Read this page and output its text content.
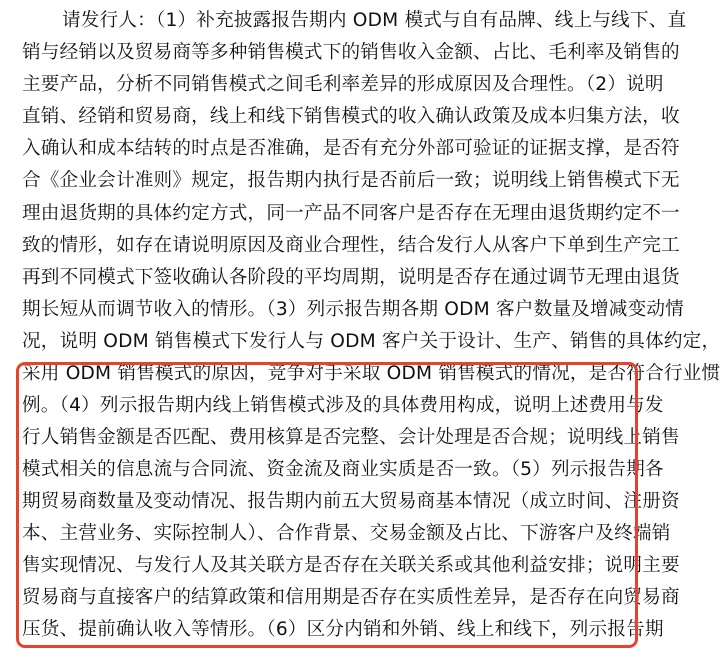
请发行人：（1）补充披露报告期内 ODM 模式与自有品牌、线上与线下、直
销与经销以及贸易商等多种销售模式下的销售收入金额、占比、毛利率及销售的
主要产品，分析不同销售模式之间毛利率差异的形成原因及合理性。（2）说明
直销、经销和贸易商，线上和线下销售模式的收入确认政策及成本归集方法，收
入确认和成本结转的时点是否准确，是否有充分外部可验证的证据支撑，是否符
合《企业会计准则》规定，报告期内执行是否前后一致；说明线上销售模式下无
理由退货期的具体约定方式，同一产品不同客户是否存在无理由退货期约定不一
致的情形，如存在请说明原因及商业合理性，结合发行人从客户下单到生产完工
再到不同模式下签收确认各阶段的平均周期，说明是否存在通过调节无理由退货
期长短从而调节收入的情形。（3）列示报告期各期 ODM 客户数量及增减变动情
况，说明 ODM 销售模式下发行人与 ODM 客户关于设计、生产、销售的具体约定，
采用 ODM 销售模式的原因，竞争对手采取 ODM 销售模式的情况，是否符合行业惯
例。（4）列示报告期内线上销售模式涉及的具体费用构成，说明上述费用与发
行人销售金额是否匹配、费用核算是否完整、会计处理是否合规；说明线上销售
模式相关的信息流与合同流、资金流及商业实质是否一致。（5）列示报告期各
期贸易商数量及变动情况、报告期内前五大贸易商基本情况（成立时间、注册资
本、主营业务、实际控制人）、合作背景、交易金额及占比、下游客户及终端销
售实现情况、与发行人及其关联方是否存在关联关系或其他利益安排；说明主要
贸易商与直接客户的结算政策和信用期是否存在实质性差异，是否存在向贸易商
压货、提前确认收入等情形。（6）区分内销和外销、线上和线下，列示报告期
